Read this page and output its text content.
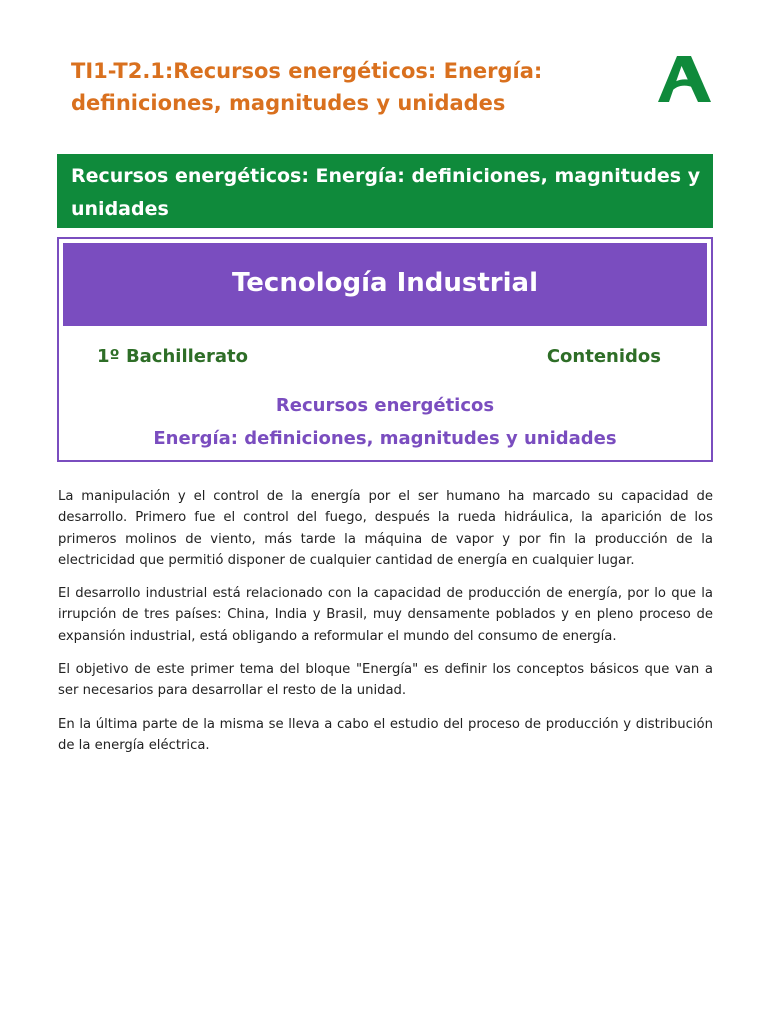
TI1-T2.1:Recursos energéticos: Energía: definiciones, magnitudes y unidades
Recursos energéticos: Energía: definiciones, magnitudes y unidades
Tecnología Industrial
1º Bachillerato	Contenidos
Recursos energéticos
Energía: definiciones, magnitudes y unidades

La manipulación y el control de la energía por el ser humano ha marcado su capacidad de desarrollo. Primero fue el control del fuego, después la rueda hidráulica, la aparición de los primeros molinos de viento, más tarde la máquina de vapor y por fin la producción de la electricidad que permitió disponer de cualquier cantidad de energía en cualquier lugar.

El desarrollo industrial está relacionado con la capacidad de producción de energía, por lo que la irrupción de tres países: China, India y Brasil, muy densamente poblados y en pleno proceso de expansión industrial, está obligando a reformular el mundo del consumo de energía.

El objetivo de este primer tema del bloque "Energía" es definir los conceptos básicos que van a ser necesarios para desarrollar el resto de la unidad.

En la última parte de la misma se lleva a cabo el estudio del proceso de producción y distribución de la energía eléctrica.
